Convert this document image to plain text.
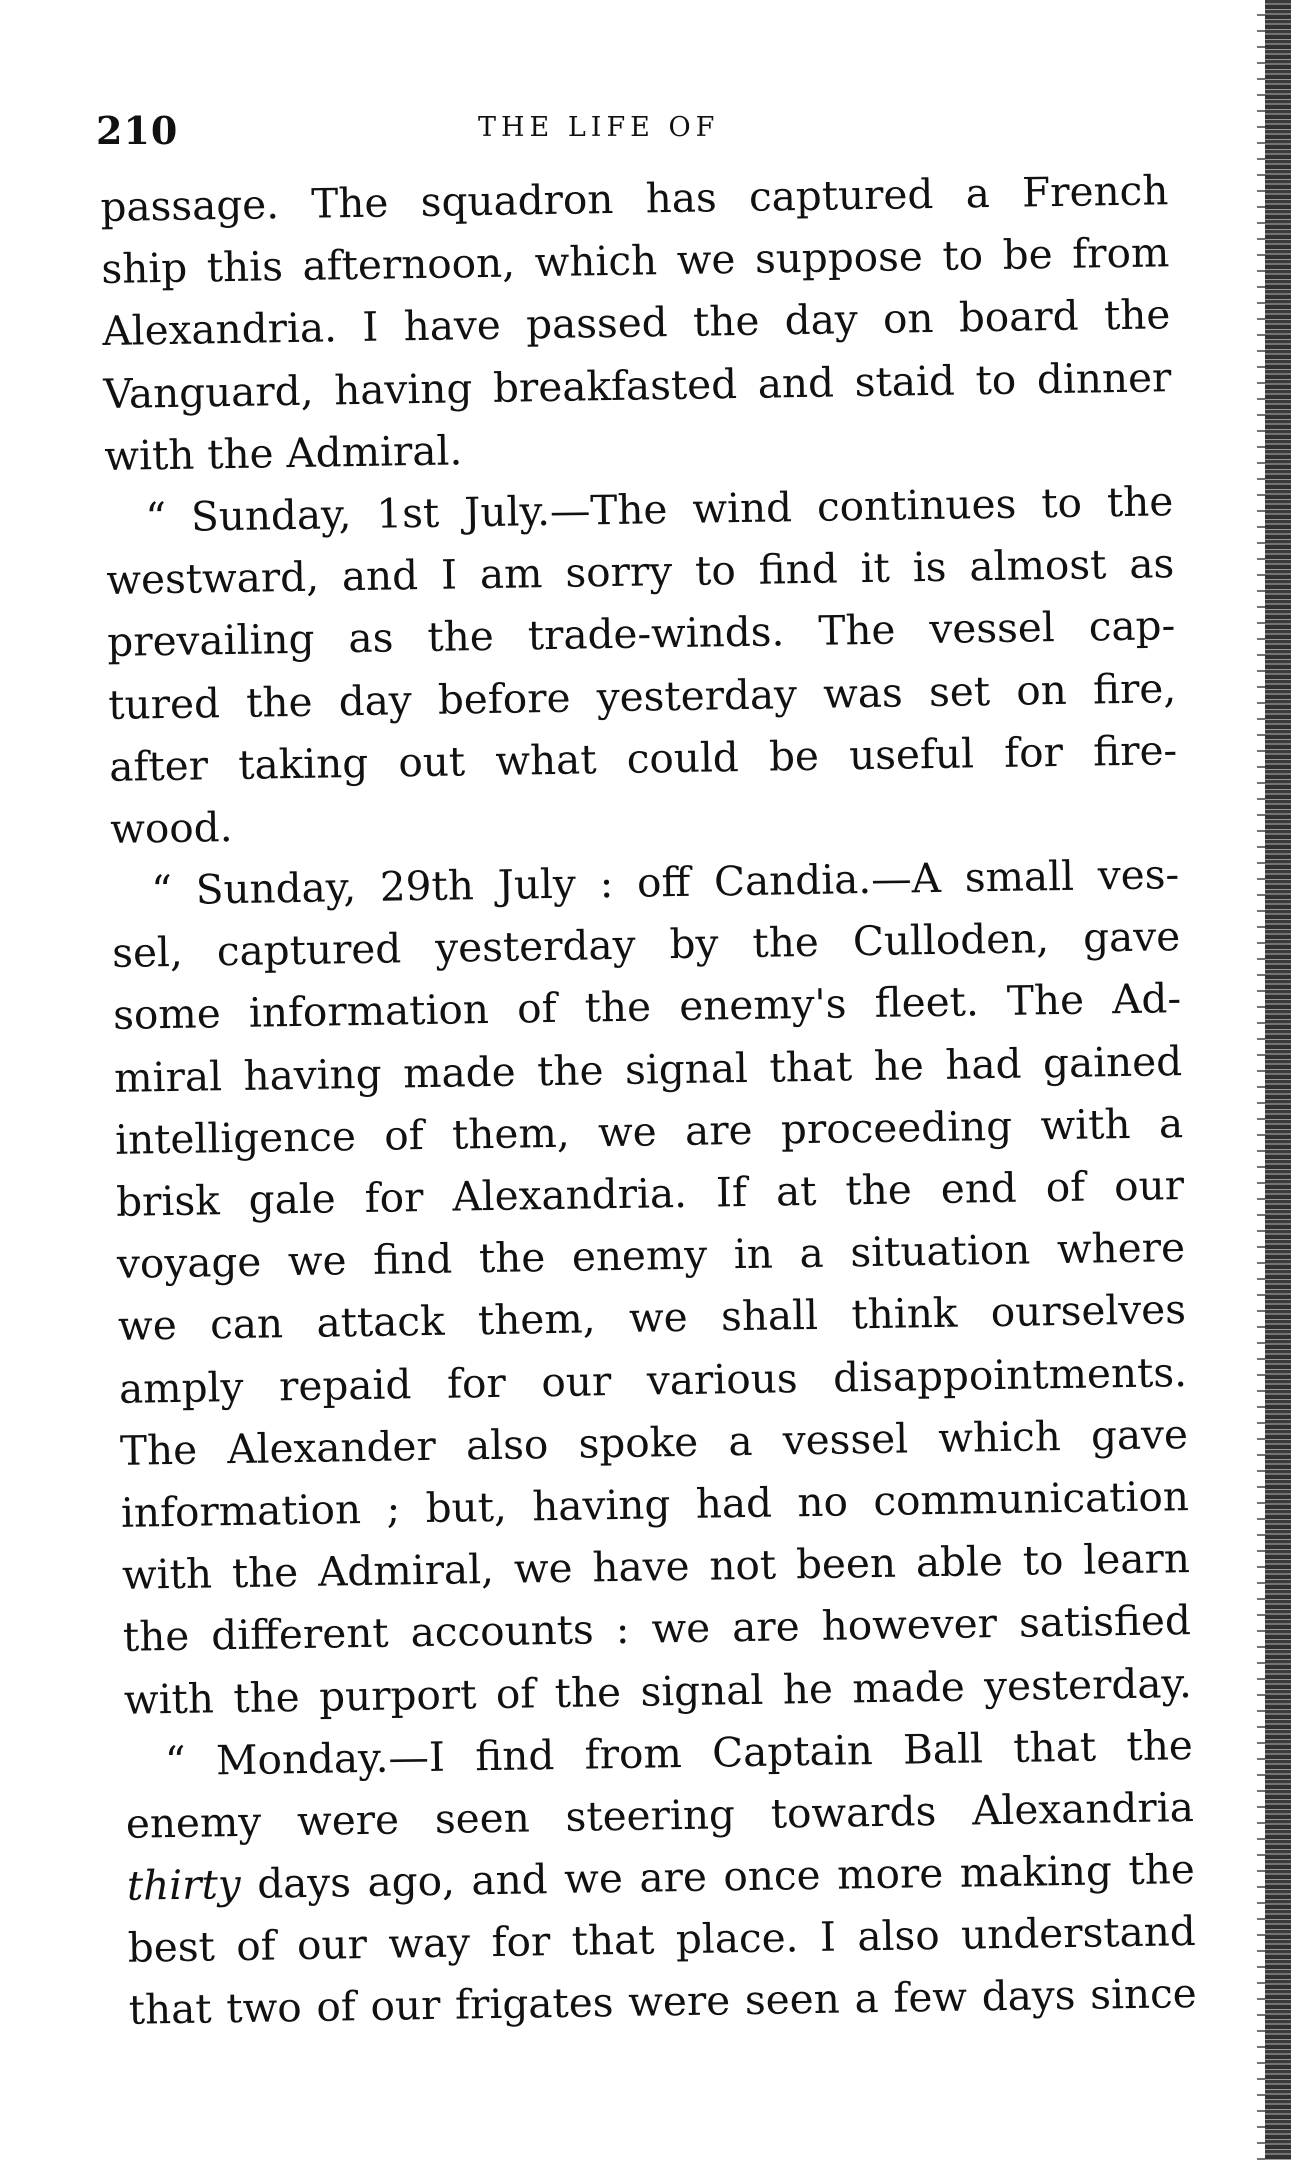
210	THE LIFE OF
passage. The squadron has captured a French
ship this afternoon, which we suppose to be from
Alexandria. I have passed the day on board the
Vanguard, having breakfasted and staid to dinner
with the Admiral.
“ Sunday, 1st July.—The wind continues to the
westward, and I am sorry to find it is almost as
prevailing as the trade-winds. The vessel cap-
tured the day before yesterday was set on fire,
after taking out what could be useful for fire-
wood.
“ Sunday, 29th July : off Candia.—A small ves-
sel, captured yesterday by the Culloden, gave
some information of the enemy's fleet. The Ad-
miral having made the signal that he had gained
intelligence of them, we are proceeding with a
brisk gale for Alexandria. If at the end of our
voyage we find the enemy in a situation where
we can attack them, we shall think ourselves
amply repaid for our various disappointments.
The Alexander also spoke a vessel which gave
information ; but, having had no communication
with the Admiral, we have not been able to learn
the different accounts : we are however satisfied
with the purport of the signal he made yesterday.
“ Monday.—I find from Captain Ball that the
enemy were seen steering towards Alexandria
thirty days ago, and we are once more making the
best of our way for that place. I also understand
that two of our frigates were seen a few days since
